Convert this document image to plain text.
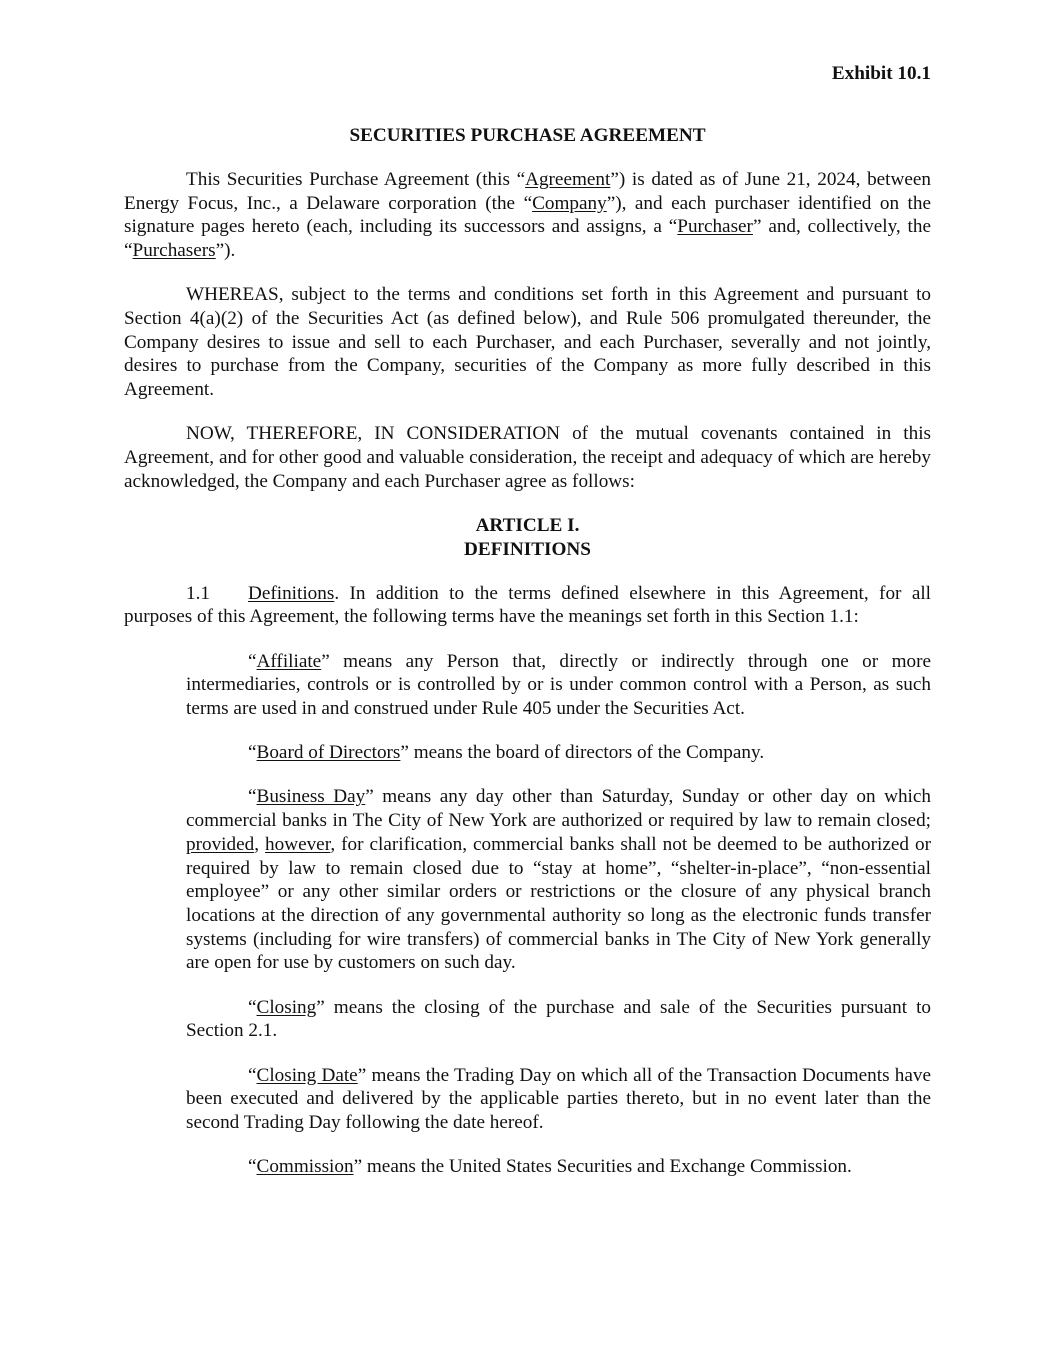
Exhibit 10.1

SECURITIES PURCHASE AGREEMENT

This Securities Purchase Agreement (this “Agreement”) is dated as of June 21, 2024, between Energy Focus, Inc., a Delaware corporation (the “Company”), and each purchaser identified on the signature pages hereto (each, including its successors and assigns, a “Purchaser” and, collectively, the “Purchasers”).

WHEREAS, subject to the terms and conditions set forth in this Agreement and pursuant to Section 4(a)(2) of the Securities Act (as defined below), and Rule 506 promulgated thereunder, the Company desires to issue and sell to each Purchaser, and each Purchaser, severally and not jointly, desires to purchase from the Company, securities of the Company as more fully described in this Agreement.

NOW, THEREFORE, IN CONSIDERATION of the mutual covenants contained in this Agreement, and for other good and valuable consideration, the receipt and adequacy of which are hereby acknowledged, the Company and each Purchaser agree as follows:

ARTICLE I.
DEFINITIONS

1.1 Definitions. In addition to the terms defined elsewhere in this Agreement, for all purposes of this Agreement, the following terms have the meanings set forth in this Section 1.1:

“Affiliate” means any Person that, directly or indirectly through one or more intermediaries, controls or is controlled by or is under common control with a Person, as such terms are used in and construed under Rule 405 under the Securities Act.

“Board of Directors” means the board of directors of the Company.

“Business Day” means any day other than Saturday, Sunday or other day on which commercial banks in The City of New York are authorized or required by law to remain closed; provided, however, for clarification, commercial banks shall not be deemed to be authorized or required by law to remain closed due to “stay at home”, “shelter-in-place”, “non-essential employee” or any other similar orders or restrictions or the closure of any physical branch locations at the direction of any governmental authority so long as the electronic funds transfer systems (including for wire transfers) of commercial banks in The City of New York generally are open for use by customers on such day.

“Closing” means the closing of the purchase and sale of the Securities pursuant to Section 2.1.

“Closing Date” means the Trading Day on which all of the Transaction Documents have been executed and delivered by the applicable parties thereto, but in no event later than the second Trading Day following the date hereof.

“Commission” means the United States Securities and Exchange Commission.
